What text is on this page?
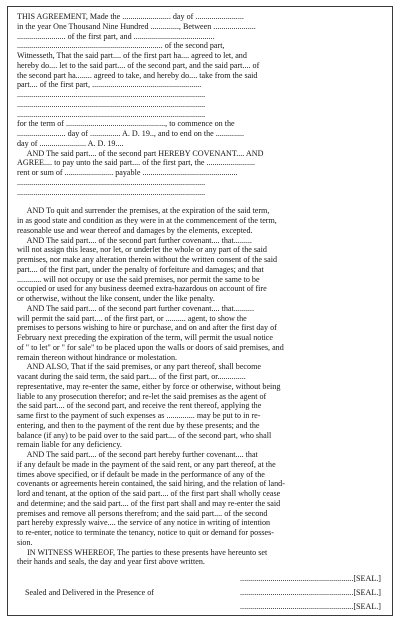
THIS AGREEMENT, Made the ........................ day of ........................
in the year One Thousand Nine Hundred .............., Between .....................
........................ of the first part, and ........................................
........................................................................ of the second part,
Witnesseth, That the said part.... of the first part ha.... agreed to let, and
hereby do.... let to the said part.... of the second part, and the said part.... of
the second part ha........ agreed to take, and hereby do.... take from the said
part.... of the first part, ......................................................
.............................................................................................
.............................................................................................
.............................................................................................
for the term of ................................................., to commence on the
........................ day of ............... A. D. 19.., and to end on the ..............
day of ....................... A. D. 19....
AND The said part.... of the second part HEREBY COVENANT.... AND
AGREE.... to pay unto the said part.... of the first part, the ........................
rent or sum of ........................ payable ...............................................
.............................................................................................
.............................................................................................
AND To quit and surrender the premises, at the expiration of the said term,
in as good state and condition as they were in at the commencement of the term,
reasonable use and wear thereof and damages by the elements, excepted.
AND The said part.... of the second part further covenant.... that.........
will not assign this lease, nor let, or underlet the whole or any part of the said
premises, nor make any alteration therein without the written consent of the said
part.... of the first part, under the penalty of forfeiture and damages; and that
............ will not occupy or use the said premises, nor permit the same to be
occupied or used for any business deemed extra-hazardous on account of fire
or otherwise, without the like consent, under the like penalty.
AND The said part.... of the second part further covenant.... that..........
will permit the said part.... of the first part, or .......... agent, to show the
premises to persons wishing to hire or purchase, and on and after the first day of
February next preceding the expiration of the term, will permit the usual notice
of " to let" or " for sale" to be placed upon the walls or doors of said premises, and
remain thereon without hindrance or molestation.
AND ALSO, That if the said premises, or any part thereof, shall become
vacant during the said term, the said part.... of the first part, or..............
representative, may re-enter the same, either by force or otherwise, without being
liable to any prosecution therefor; and re-let the said premises as the agent of
the said part.... of the second part, and receive the rent thereof, applying the
same first to the payment of such expenses as .............. may be put to in re-
entering, and then to the payment of the rent due by these presents; and the
balance (if any) to be paid over to the said part.... of the second part, who shall
remain liable for any deficiency.
AND The said part.... of the second part hereby further covenant.... that
if any default be made in the payment of the said rent, or any part thereof, at the
times above specified, or if default be made in the performance of any of the
covenants or agreements herein contained, the said hiring, and the relation of land-
lord and tenant, at the option of the said part.... of the first part shall wholly cease
and determine; and the said part.... of the first part shall and may re-enter the said
premises and remove all persons therefrom; and the said part.... of the second
part hereby expressly waive.... the service of any notice in writing of intention
to re-enter, notice to terminate the tenancy, notice to quit or demand for posses-
sion.
IN WITNESS WHEREOF, The parties to these presents have hereunto set
their hands and seals, the day and year first above written.

........................................................[SEAL.]

Sealed and Delivered in the Presence of

	........................................................[SEAL.]

........................................................[SEAL.]
